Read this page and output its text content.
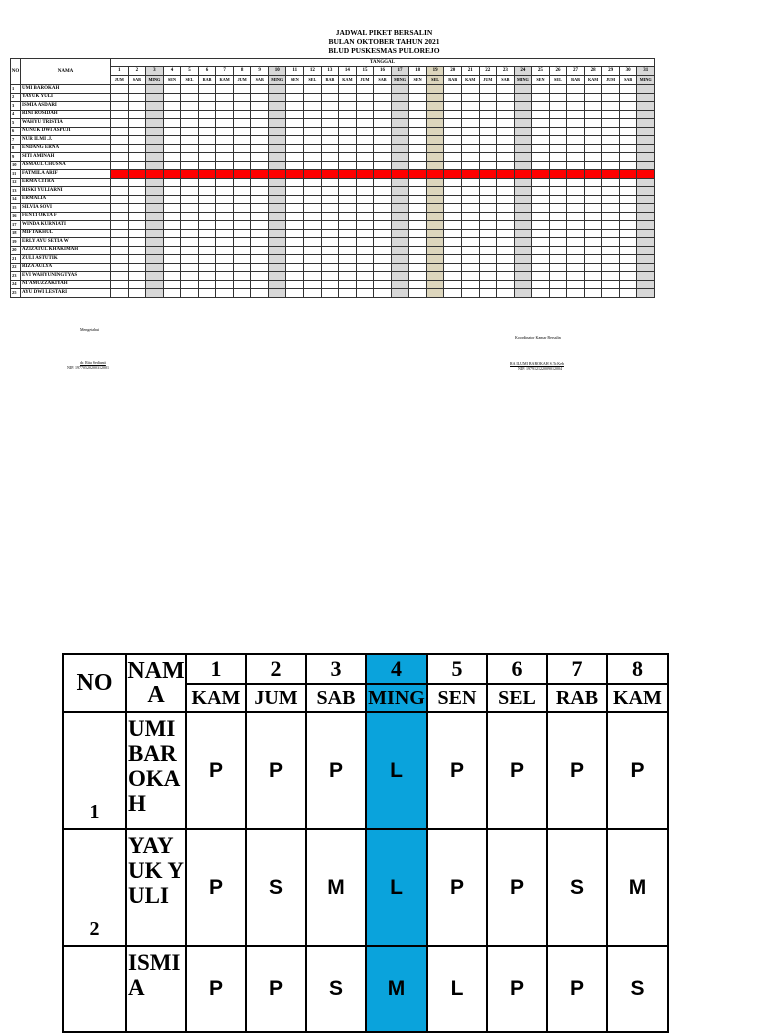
JADWAL PIKET BERSALIN
BULAN OKTOBER TAHUN 2021
BLUD PUSKESMAS PULOREJO
NO	NAMA	TANGGAL																														
		1	2	3	4	5	6	7	8	9	10	11	12	13	14	15	16	17	18	19	20	21	22	23	24	25	26	27	28	29	30	31
		JUM	SAB	MING	SEN	SEL	RAB	KAM	JUM	SAB	MING	SEN	SEL	RAB	KAM	JUM	SAB	MING	SEN	SEL	RAB	KAM	JUM	SAB	MING	SEN	SEL	RAB	KAM	JUM	SAB	MING
1	UMI BAROKAH																															
2	YAYUK YULI																															
3	ISMIA ASDARI																															
4	RINI ROSIDAH																															
5	WAHYU TRISTIA																															
6	NUNUK DWI ASPUJI																															
7	NUR ILMI .J.																															
8	ENDANG ERNA																															
9	SITI AMINAH																															
10	ASMAUL CHUSNA																															
11	FATMILA ARIF																															
12	ERMA CITRA																															
13	RISKI YULIARNI																															
14	ERMALIA																															
15	SILVIA SOVI																															
16	FENTI OKTA F																															
17	WINDA KURNIATI																															
18	MIFTAKHUL																															
19	ERLY AYU SETIA W																															
20	AZIZATUL KHAKIMAH																															
21	ZULI ASTUTIK																															
22	RIZA AULYA																															
23	EVI WAHYUNINGTYAS																															
24	NI'AMUZZAKIYAH																															
25	AYU DWI LESTARI																															
Mengetahui
dr. Rita Sedianti
NIP. 19770520200312001
Koordinator Kamar Bersalin
RA ILUMI BAROKAH S.Tr.Keb
NIP. 197912122009012004
NO	NAM A	1	2	3	4	5	6	7	8
		KAM	JUM	SAB	MING	SEN	SEL	RAB	KAM
1	UMI BAR OKA H	P	P	P	L	P	P	P	P
2	YAY UK YULI	P	S	M	L	P	P	S	M
	ISMI A	P	P	S	M	L	P	P	S
